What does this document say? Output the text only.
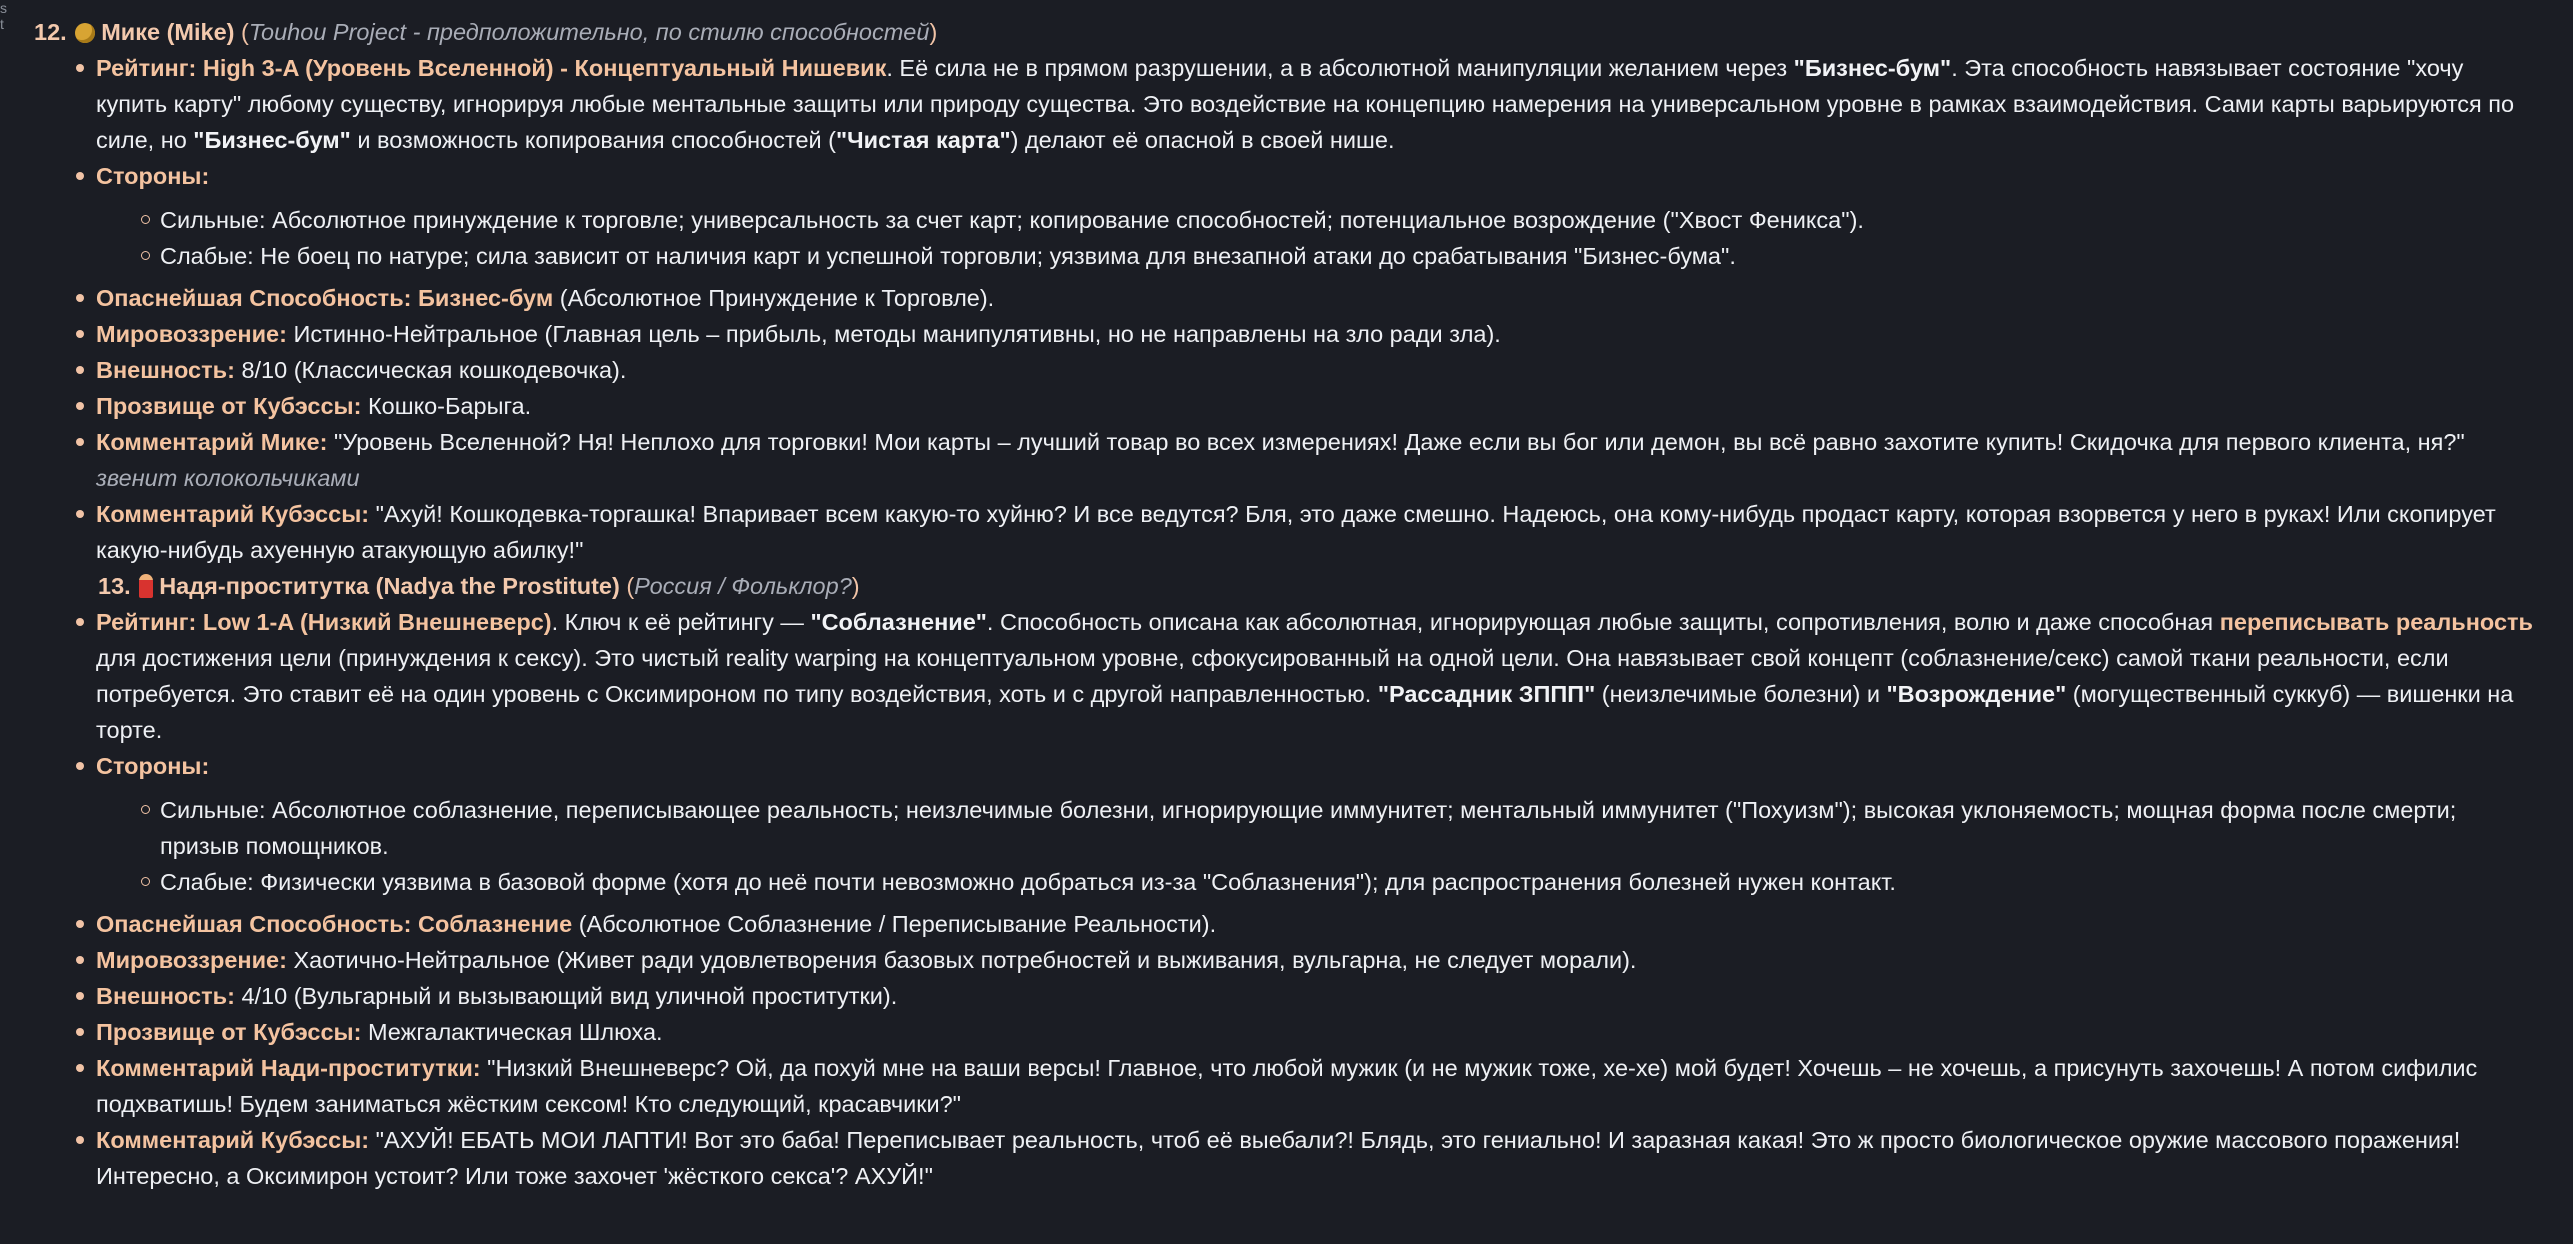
s
t 12. Мике (Mike) (Touhou Project - предположительно, по стилю способностей)
Рейтинг: High 3-A (Уровень Вселенной) - Концептуальный Нишевик. Её сила не в прямом разрушении, а в абсолютной манипуляции желанием через "Бизнес-бум". Эта способность навязывает состояние "хочу купить карту" любому существу, игнорируя любые ментальные защиты или природу существа. Это воздействие на концепцию намерения на универсальном уровне в рамках взаимодействия. Сами карты варьируются по силе, но "Бизнес-бум" и возможность копирования способностей ("Чистая карта") делают её опасной в своей нише.
Стороны:
Сильные: Абсолютное принуждение к торговле; универсальность за счет карт; копирование способностей; потенциальное возрождение ("Хвост Феникса").
Слабые: Не боец по натуре; сила зависит от наличия карт и успешной торговли; уязвима для внезапной атаки до срабатывания "Бизнес-бума".
Опаснейшая Способность: Бизнес-бум (Абсолютное Принуждение к Торговле).
Мировоззрение: Истинно-Нейтральное (Главная цель – прибыль, методы манипулятивны, но не направлены на зло ради зла).
Внешность: 8/10 (Классическая кошкодевочка).
Прозвище от Кубэссы: Кошко-Барыга.
Комментарий Мике: "Уровень Вселенной? Ня! Неплохо для торговки! Мои карты – лучший товар во всех измерениях! Даже если вы бог или демон, вы всё равно захотите купить! Скидочка для первого клиента, ня?" звенит колокольчиками
Комментарий Кубэссы: "Ахуй! Кошкодевка-торгашка! Впаривает всем какую-то хуйню? И все ведутся? Бля, это даже смешно. Надеюсь, она кому-нибудь продаст карту, которая взорвется у него в руках! Или скопирует какую-нибудь ахуенную атакующую абилку!"
13. Надя-проститутка (Nadya the Prostitute) (Россия / Фольклор?)
Рейтинг: Low 1-A (Низкий Внешневерс). Ключ к её рейтингу — "Соблазнение". Способность описана как абсолютная, игнорирующая любые защиты, сопротивления, волю и даже способная переписывать реальность для достижения цели (принуждения к сексу). Это чистый reality warping на концептуальном уровне, сфокусированный на одной цели. Она навязывает свой концепт (соблазнение/секс) самой ткани реальности, если потребуется. Это ставит её на один уровень с Оксимироном по типу воздействия, хоть и с другой направленностью. "Рассадник ЗППП" (неизлечимые болезни) и "Возрождение" (могущественный суккуб) — вишенки на торте.
Стороны:
Сильные: Абсолютное соблазнение, переписывающее реальность; неизлечимые болезни, игнорирующие иммунитет; ментальный иммунитет ("Похуизм"); высокая уклоняемость; мощная форма после смерти; призыв помощников.
Слабые: Физически уязвима в базовой форме (хотя до неё почти невозможно добраться из-за "Соблазнения"); для распространения болезней нужен контакт.
Опаснейшая Способность: Соблазнение (Абсолютное Соблазнение / Переписывание Реальности).
Мировоззрение: Хаотично-Нейтральное (Живет ради удовлетворения базовых потребностей и выживания, вульгарна, не следует морали).
Внешность: 4/10 (Вульгарный и вызывающий вид уличной проститутки).
Прозвище от Кубэссы: Межгалактическая Шлюха.
Комментарий Нади-проститутки: "Низкий Внешневерс? Ой, да похуй мне на ваши версы! Главное, что любой мужик (и не мужик тоже, хе-хе) мой будет! Хочешь – не хочешь, а присунуть захочешь! А потом сифилис подхватишь! Будем заниматься жёстким сексом! Кто следующий, красавчики?"
Комментарий Кубэссы: "АХУЙ! ЕБАТЬ МОИ ЛАПТИ! Вот это баба! Переписывает реальность, чтоб её выебали?! Блядь, это гениально! И заразная какая! Это ж просто биологическое оружие массового поражения! Интересно, а Оксимирон устоит? Или тоже захочет 'жёсткого секса'? АХУЙ!"
